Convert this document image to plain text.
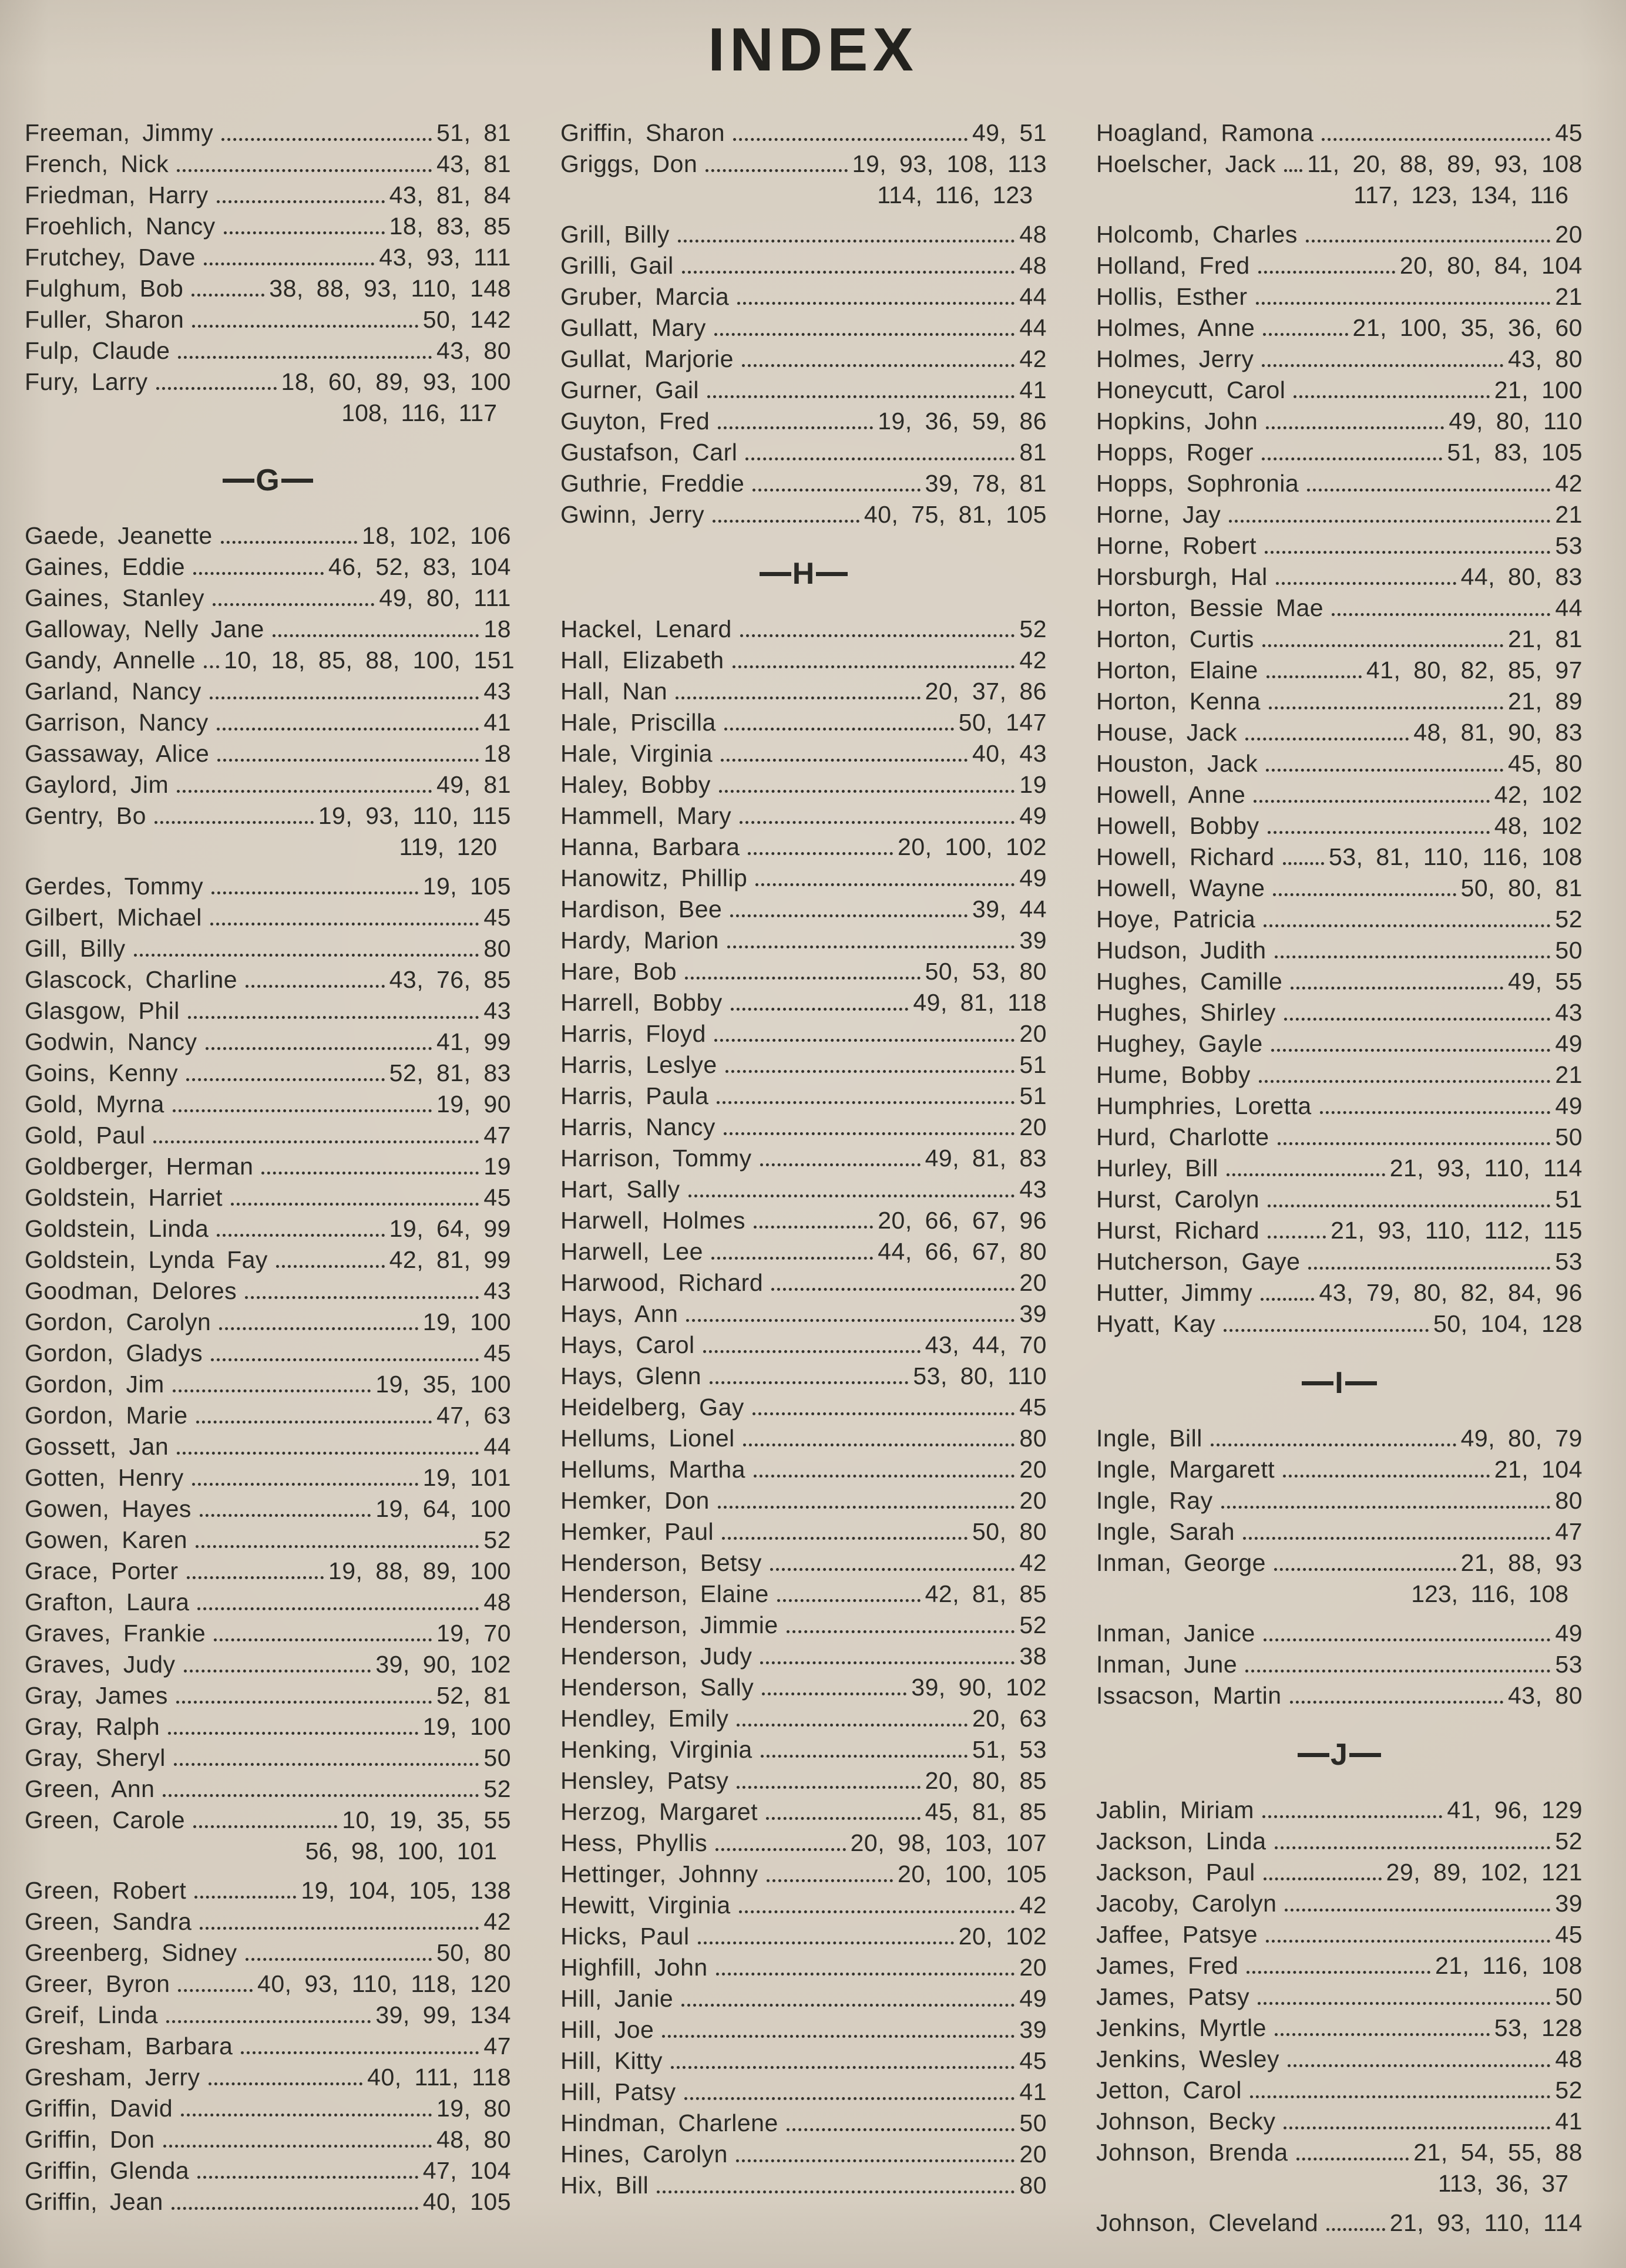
INDEX
Freeman, Jimmy	51, 81
French, Nick	43, 81
Friedman, Harry	43, 81, 84
Froehlich, Nancy	18, 83, 85
Frutchey, Dave	43, 93, 111
Fulghum, Bob	38, 88, 93, 110, 148
Fuller, Sharon	50, 142
Fulp, Claude	43, 80
Fury, Larry	18, 60, 89, 93, 100
108, 116, 117
G
Gaede, Jeanette	18, 102, 106
Gaines, Eddie	46, 52, 83, 104
Gaines, Stanley	49, 80, 111
Galloway, Nelly Jane	18
Gandy, Annelle 10, 18, 85, 88, 100, 151
Garland, Nancy	43
Garrison, Nancy	41
Gassaway, Alice	18
Gaylord, Jim	49, 81
Gentry, Bo	19, 93, 110, 115
119, 120
Gerdes, Tommy	19, 105
Gilbert, Michael	45
Gill, Billy	80
Glascock, Charline	43, 76, 85
Glasgow, Phil	43
Godwin, Nancy	41, 99
Goins, Kenny	52, 81, 83
Gold, Myrna	19, 90
Gold, Paul	47
Goldberger, Herman	19
Goldstein, Harriet	45
Goldstein, Linda	19, 64, 99
Goldstein, Lynda Fay	42, 81, 99
Goodman, Delores	43
Gordon, Carolyn	19, 100
Gordon, Gladys	45
Gordon, Jim	19, 35, 100
Gordon, Marie	47, 63
Gossett, Jan	44
Gotten, Henry	19, 101
Gowen, Hayes	19, 64, 100
Gowen, Karen	52
Grace, Porter	19, 88, 89, 100
Grafton, Laura	48
Graves, Frankie	19, 70
Graves, Judy	39, 90, 102
Gray, James	52, 81
Gray, Ralph	19, 100
Gray, Sheryl	50
Green, Ann	52
Green, Carole	10, 19, 35, 55
56, 98, 100, 101
Green, Robert	19, 104, 105, 138
Green, Sandra	42
Greenberg, Sidney	50, 80
Greer, Byron	40, 93, 110, 118, 120
Greif, Linda	39, 99, 134
Gresham, Barbara	47
Gresham, Jerry	40, 111, 118
Griffin, David	19, 80
Griffin, Don	48, 80
Griffin, Glenda	47, 104
Griffin, Jean	40, 105
Griffin, Sharon	49, 51
Griggs, Don	19, 93, 108, 113
114, 116, 123
Grill, Billy	48
Grilli, Gail	48
Gruber, Marcia	44
Gullatt, Mary	44
Gullat, Marjorie	42
Gurner, Gail	41
Guyton, Fred	19, 36, 59, 86
Gustafson, Carl	81
Guthrie, Freddie	39, 78, 81
Gwinn, Jerry	40, 75, 81, 105
H
Hackel, Lenard	52
Hall, Elizabeth	42
Hall, Nan	20, 37, 86
Hale, Priscilla	50, 147
Hale, Virginia	40, 43
Haley, Bobby	19
Hammell, Mary	49
Hanna, Barbara	20, 100, 102
Hanowitz, Phillip	49
Hardison, Bee	39, 44
Hardy, Marion	39
Hare, Bob	50, 53, 80
Harrell, Bobby	49, 81, 118
Harris, Floyd	20
Harris, Leslye	51
Harris, Paula	51
Harris, Nancy	20
Harrison, Tommy	49, 81, 83
Hart, Sally	43
Harwell, Holmes	20, 66, 67, 96
Harwell, Lee	44, 66, 67, 80
Harwood, Richard	20
Hays, Ann	39
Hays, Carol	43, 44, 70
Hays, Glenn	53, 80, 110
Heidelberg, Gay	45
Hellums, Lionel	80
Hellums, Martha	20
Hemker, Don	20
Hemker, Paul	50, 80
Henderson, Betsy	42
Henderson, Elaine	42, 81, 85
Henderson, Jimmie	52
Henderson, Judy	38
Henderson, Sally	39, 90, 102
Hendley, Emily	20, 63
Henking, Virginia	51, 53
Hensley, Patsy	20, 80, 85
Herzog, Margaret	45, 81, 85
Hess, Phyllis	20, 98, 103, 107
Hettinger, Johnny	20, 100, 105
Hewitt, Virginia	42
Hicks, Paul	20, 102
Highfill, John	20
Hill, Janie	49
Hill, Joe	39
Hill, Kitty	45
Hill, Patsy	41
Hindman, Charlene	50
Hines, Carolyn	20
Hix, Bill	80
Hoagland, Ramona	45
Hoelscher, Jack 11, 20, 88, 89, 93, 108
117, 123, 134, 116
Holcomb, Charles	20
Holland, Fred	20, 80, 84, 104
Hollis, Esther	21
Holmes, Anne	21, 100, 35, 36, 60
Holmes, Jerry	43, 80
Honeycutt, Carol	21, 100
Hopkins, John	49, 80, 110
Hopps, Roger	51, 83, 105
Hopps, Sophronia	42
Horne, Jay	21
Horne, Robert	53
Horsburgh, Hal	44, 80, 83
Horton, Bessie Mae	44
Horton, Curtis	21, 81
Horton, Elaine	41, 80, 82, 85, 97
Horton, Kenna	21, 89
House, Jack	48, 81, 90, 83
Houston, Jack	45, 80
Howell, Anne	42, 102
Howell, Bobby	48, 102
Howell, Richard 53, 81, 110, 116, 108
Howell, Wayne	50, 80, 81
Hoye, Patricia	52
Hudson, Judith	50
Hughes, Camille	49, 55
Hughes, Shirley	43
Hughey, Gayle	49
Hume, Bobby	21
Humphries, Loretta	49
Hurd, Charlotte	50
Hurley, Bill	21, 93, 110, 114
Hurst, Carolyn	51
Hurst, Richard	21, 93, 110, 112, 115
Hutcherson, Gaye	53
Hutter, Jimmy	43, 79, 80, 82, 84, 96
Hyatt, Kay	50, 104, 128
I
Ingle, Bill	49, 80, 79
Ingle, Margarett	21, 104
Ingle, Ray	80
Ingle, Sarah	47
Inman, George	21, 88, 93
123, 116, 108
Inman, Janice	49
Inman, June	53
Issacson, Martin	43, 80
J
Jablin, Miriam	41, 96, 129
Jackson, Linda	52
Jackson, Paul	29, 89, 102, 121
Jacoby, Carolyn	39
Jaffee, Patsye	45
James, Fred	21, 116, 108
James, Patsy	50
Jenkins, Myrtle	53, 128
Jenkins, Wesley	48
Jetton, Carol	52
Johnson, Becky	41
Johnson, Brenda	21, 54, 55, 88
113, 36, 37
Johnson, Cleveland	21, 93, 110, 114
